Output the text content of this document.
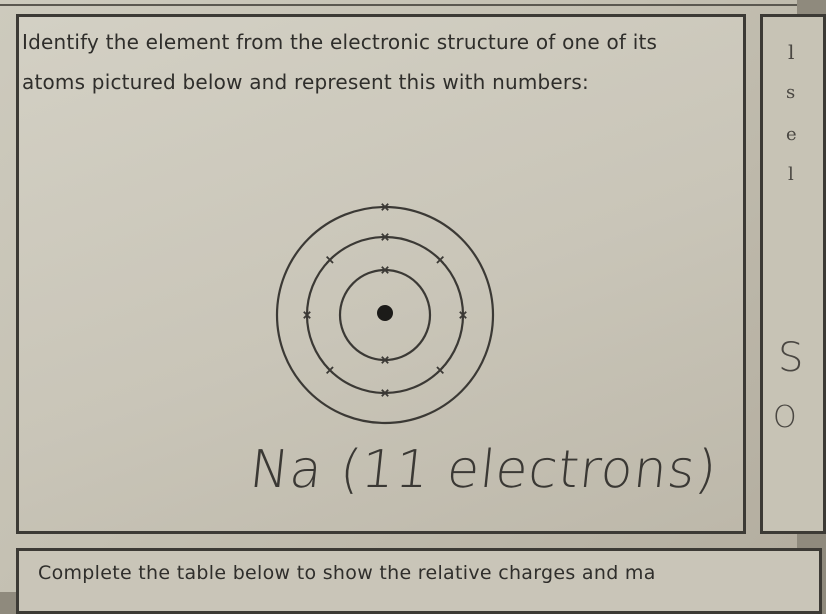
l
s
e
l
S
O

Identify the element from the electronic structure of one of its atoms pictured below and represent this with numbers:

Na (11 electrons)
Complete the table below to show the relative charges and ma
